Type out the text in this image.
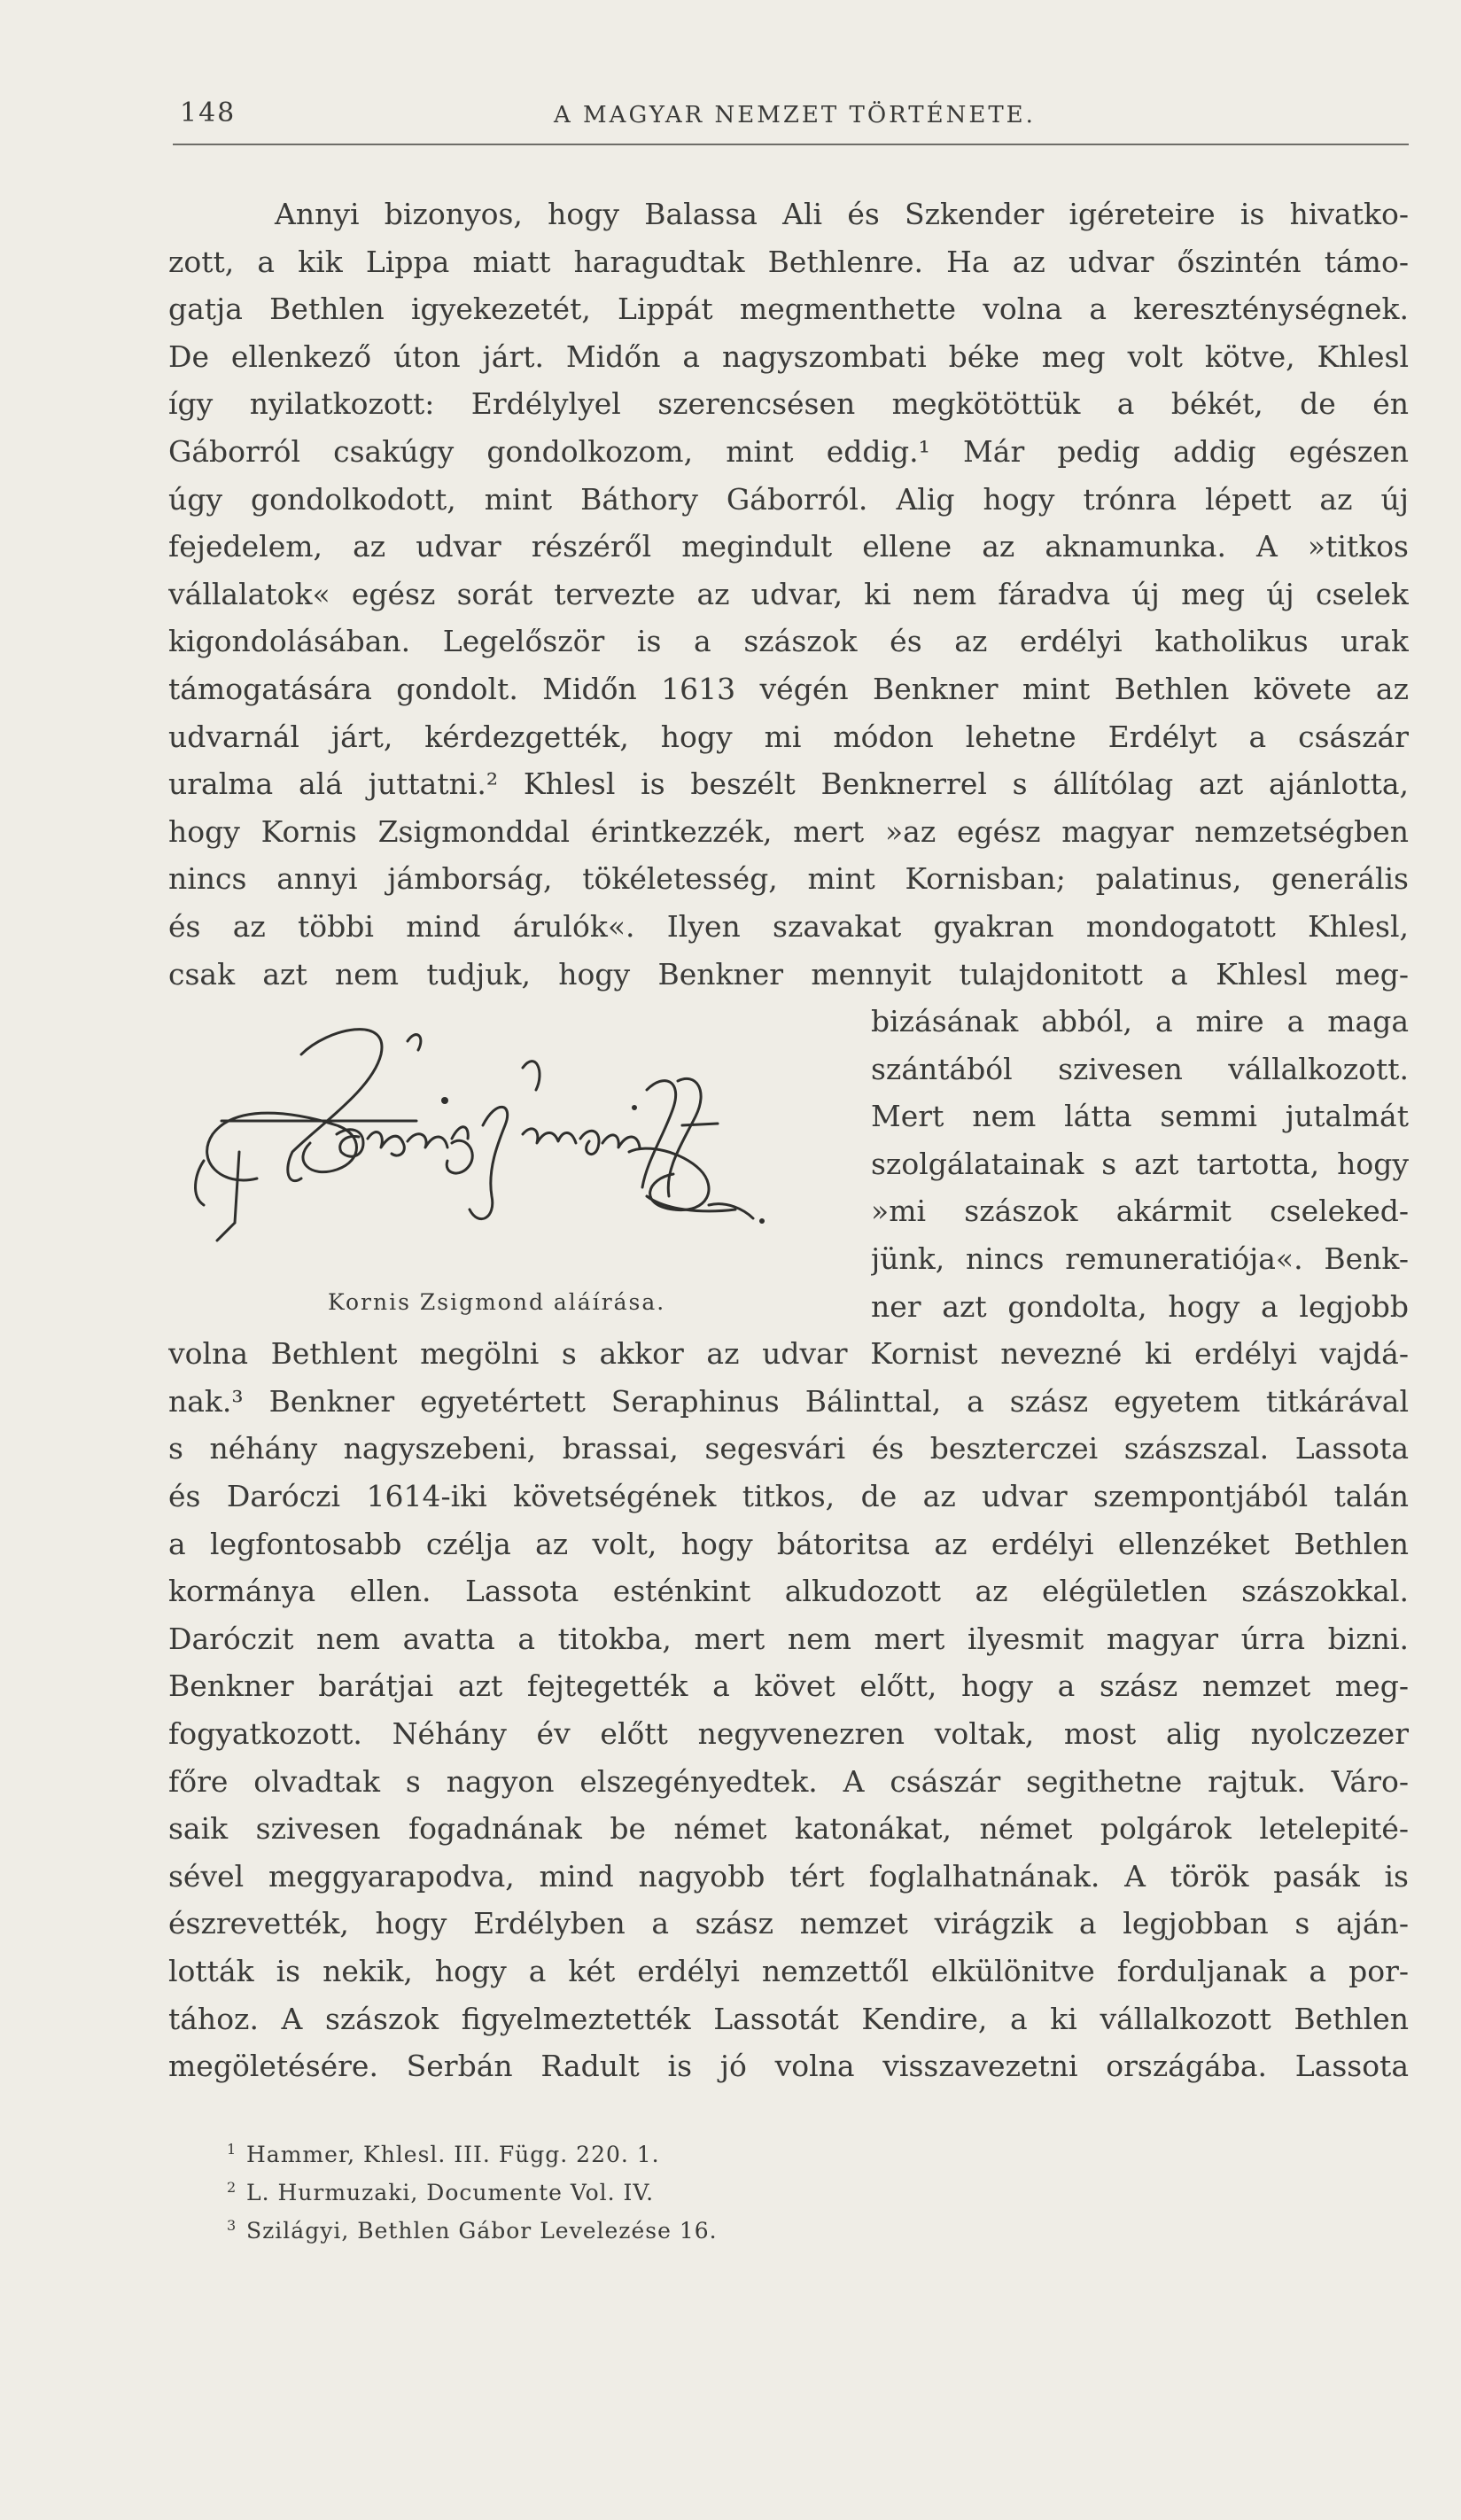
148	A MAGYAR NEMZET TÖRTÉNETE.
Annyi bizonyos, hogy Balassa Ali és Szkender igéreteire is hivatko-
zott, a kik Lippa miatt haragudtak Bethlenre. Ha az udvar őszintén támo-
gatja Bethlen igyekezetét, Lippát megmenthette volna a kereszténységnek.
De ellenkező úton járt. Midőn a nagyszombati béke meg volt kötve, Khlesl
így nyilatkozott: Erdélylyel szerencsésen megkötöttük a békét, de én
Gáborról csakúgy gondolkozom, mint eddig.¹ Már pedig addig egészen
úgy gondolkodott, mint Báthory Gáborról. Alig hogy trónra lépett az új
fejedelem, az udvar részéről megindult ellene az aknamunka. A »titkos
vállalatok« egész sorát tervezte az udvar, ki nem fáradva új meg új cselek
kigondolásában. Legelőször is a szászok és az erdélyi katholikus urak
támogatására gondolt. Midőn 1613 végén Benkner mint Bethlen követe az
udvarnál járt, kérdezgették, hogy mi módon lehetne Erdélyt a császár
uralma alá juttatni.² Khlesl is beszélt Benknerrel s állítólag azt ajánlotta,
hogy Kornis Zsigmonddal érintkezzék, mert »az egész magyar nemzetségben
nincs annyi jámborság, tökéletesség, mint Kornisban; palatinus, generális
és az többi mind árulók«. Ilyen szavakat gyakran mondogatott Khlesl,
csak azt nem tudjuk, hogy Benkner mennyit tulajdonitott a Khlesl meg-
bizásának abból, a mire a maga
szántából szivesen vállalkozott.
Mert nem látta semmi jutalmát
szolgálatainak s azt tartotta, hogy
»mi szászok akármit cseleked-
jünk, nincs remuneratiója«. Benk-
ner azt gondolta, hogy a legjobb
volna Bethlent megölni s akkor az udvar Kornist nevezné ki erdélyi vajdá-
nak.³ Benkner egyetértett Seraphinus Bálinttal, a szász egyetem titkárával
s néhány nagyszebeni, brassai, segesvári és beszterczei szászszal. Lassota
és Daróczi 1614-iki követségének titkos, de az udvar szempontjából talán
a legfontosabb czélja az volt, hogy bátoritsa az erdélyi ellenzéket Bethlen
kormánya ellen. Lassota esténkint alkudozott az elégületlen szászokkal.
Daróczit nem avatta a titokba, mert nem mert ilyesmit magyar úrra bizni.
Benkner barátjai azt fejtegették a követ előtt, hogy a szász nemzet meg-
fogyatkozott. Néhány év előtt negyvenezren voltak, most alig nyolczezer
főre olvadtak s nagyon elszegényedtek. A császár segithetne rajtuk. Váro-
saik szivesen fogadnának be német katonákat, német polgárok letelepité-
sével meggyarapodva, mind nagyobb tért foglalhatnának. A török pasák is
észrevették, hogy Erdélyben a szász nemzet virágzik a legjobban s aján-
lották is nekik, hogy a két erdélyi nemzettől elkülönitve forduljanak a por-
tához. A szászok figyelmeztették Lassotát Kendire, a ki vállalkozott Bethlen
megöletésére. Serbán Radult is jó volna visszavezetni országába. Lassota
Kornis Zsigmond aláírása.
1 Hammer, Khlesl. III. Függ. 220. 1.
2 L. Hurmuzaki, Documente Vol. IV.
3 Szilágyi, Bethlen Gábor Levelezése 16.
